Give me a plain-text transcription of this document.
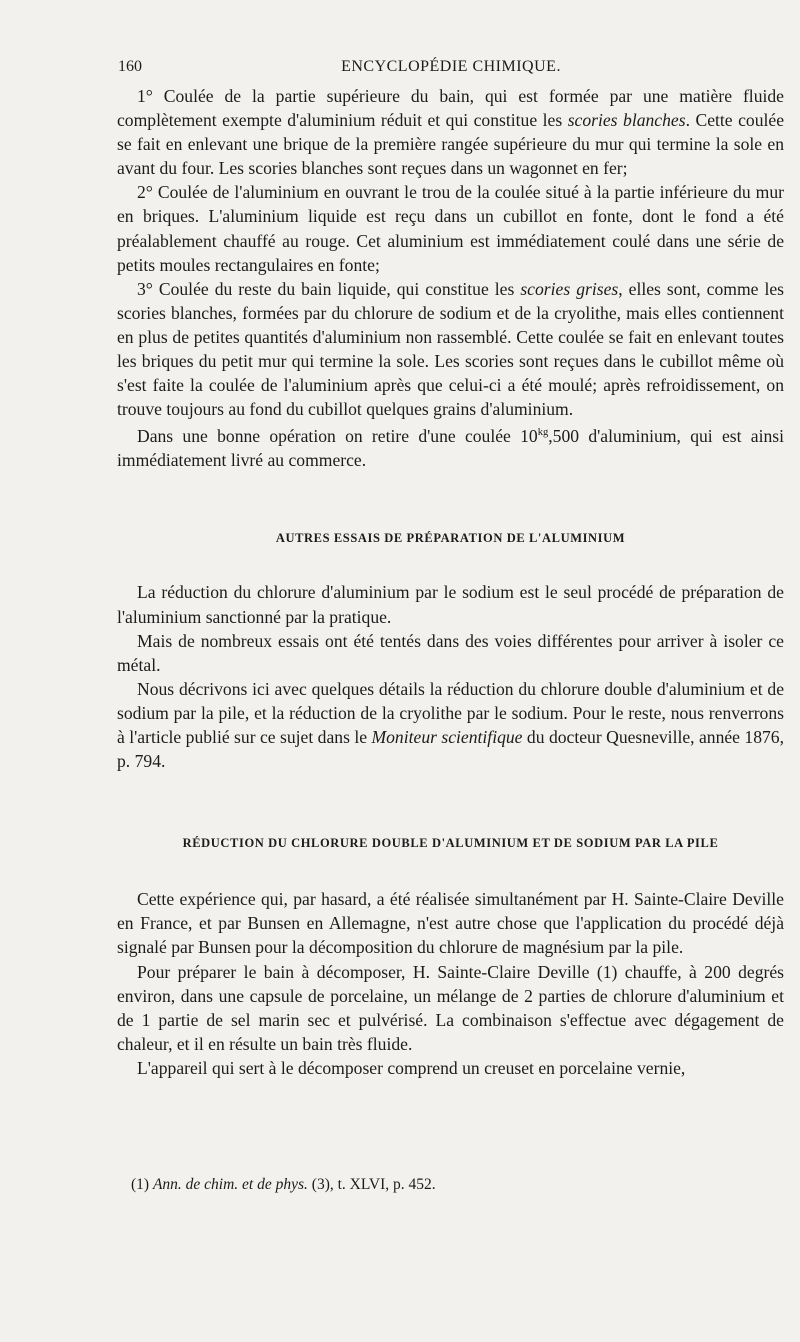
160	ENCYCLOPÉDIE CHIMIQUE.

1° Coulée de la partie supérieure du bain, qui est formée par une matière fluide complètement exempte d'aluminium réduit et qui constitue les scories blanches. Cette coulée se fait en enlevant une brique de la première rangée supérieure du mur qui termine la sole en avant du four. Les scories blanches sont reçues dans un wagonnet en fer;

2° Coulée de l'aluminium en ouvrant le trou de la coulée situé à la partie inférieure du mur en briques. L'aluminium liquide est reçu dans un cubillot en fonte, dont le fond a été préalablement chauffé au rouge. Cet aluminium est immédiatement coulé dans une série de petits moules rectangulaires en fonte;

3° Coulée du reste du bain liquide, qui constitue les scories grises, elles sont, comme les scories blanches, formées par du chlorure de sodium et de la cryolithe, mais elles contiennent en plus de petites quantités d'aluminium non rassemblé. Cette coulée se fait en enlevant toutes les briques du petit mur qui termine la sole. Les scories sont reçues dans le cubillot même où s'est faite la coulée de l'aluminium après que celui-ci a été moulé; après refroidissement, on trouve toujours au fond du cubillot quelques grains d'aluminium.

Dans une bonne opération on retire d'une coulée $10^{kg},500$ d'aluminium, qui est ainsi immédiatement livré au commerce.

AUTRES ESSAIS DE PRÉPARATION DE L'ALUMINIUM

La réduction du chlorure d'aluminium par le sodium est le seul procédé de préparation de l'aluminium sanctionné par la pratique.

Mais de nombreux essais ont été tentés dans des voies différentes pour arriver à isoler ce métal.

Nous décrivons ici avec quelques détails la réduction du chlorure double d'aluminium et de sodium par la pile, et la réduction de la cryolithe par le sodium. Pour le reste, nous renverrons à l'article publié sur ce sujet dans le Moniteur scientifique du docteur Quesneville, année 1876, p. 794.

RÉDUCTION DU CHLORURE DOUBLE D'ALUMINIUM ET DE SODIUM PAR LA PILE

Cette expérience qui, par hasard, a été réalisée simultanément par H. Sainte-Claire Deville en France, et par Bunsen en Allemagne, n'est autre chose que l'application du procédé déjà signalé par Bunsen pour la décomposition du chlorure de magnésium par la pile.

Pour préparer le bain à décomposer, H. Sainte-Claire Deville (1) chauffe, à 200 degrés environ, dans une capsule de porcelaine, un mélange de 2 parties de chlorure d'aluminium et de 1 partie de sel marin sec et pulvérisé. La combinaison s'effectue avec dégagement de chaleur, et il en résulte un bain très fluide.

L'appareil qui sert à le décomposer comprend un creuset en porcelaine vernie,

(1) Ann. de chim. et de phys. (3), t. XLVI, p. 452.
